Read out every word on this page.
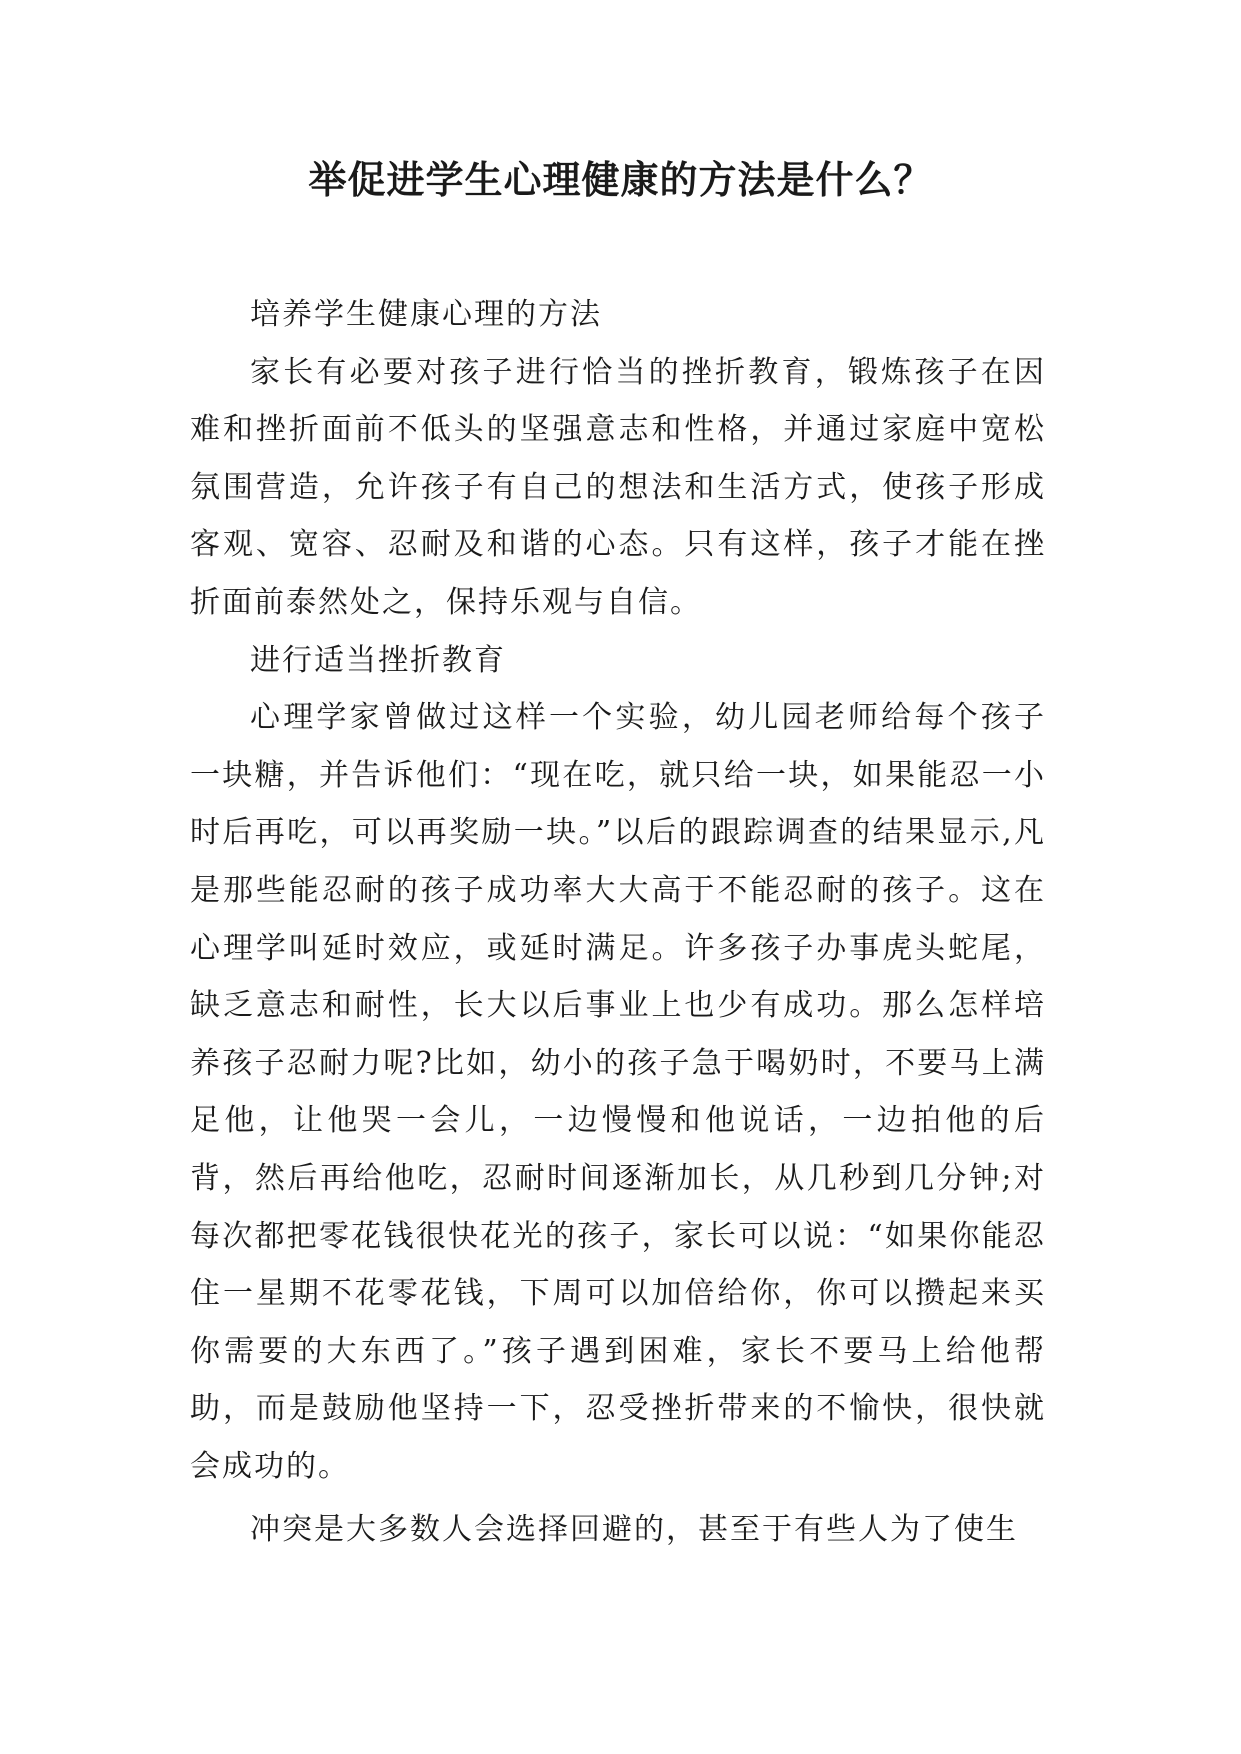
举促进学生心理健康的方法是什么？

培养学生健康心理的方法

家长有必要对孩子进行恰当的挫折教育，锻炼孩子在因难和挫折面前不低头的坚强意志和性格，并通过家庭中宽松氛围营造，允许孩子有自己的想法和生活方式，使孩子形成客观、宽容、忍耐及和谐的心态。只有这样，孩子才能在挫折面前泰然处之，保持乐观与自信。

进行适当挫折教育

心理学家曾做过这样一个实验，幼儿园老师给每个孩子一块糖，并告诉他们：“现在吃，就只给一块，如果能忍一小时后再吃，可以再奖励一块。”以后的跟踪调查的结果显示,凡是那些能忍耐的孩子成功率大大高于不能忍耐的孩子。这在心理学叫延时效应，或延时满足。许多孩子办事虎头蛇尾，缺乏意志和耐性，长大以后事业上也少有成功。那么怎样培养孩子忍耐力呢?比如，幼小的孩子急于喝奶时，不要马上满足他，让他哭一会儿，一边慢慢和他说话，一边拍他的后背，然后再给他吃，忍耐时间逐渐加长，从几秒到几分钟;对每次都把零花钱很快花光的孩子，家长可以说：“如果你能忍住一星期不花零花钱，下周可以加倍给你，你可以攒起来买你需要的大东西了。”孩子遇到困难，家长不要马上给他帮助，而是鼓励他坚持一下，忍受挫折带来的不愉快，很快就会成功的。

冲突是大多数人会选择回避的，甚至于有些人为了使生
